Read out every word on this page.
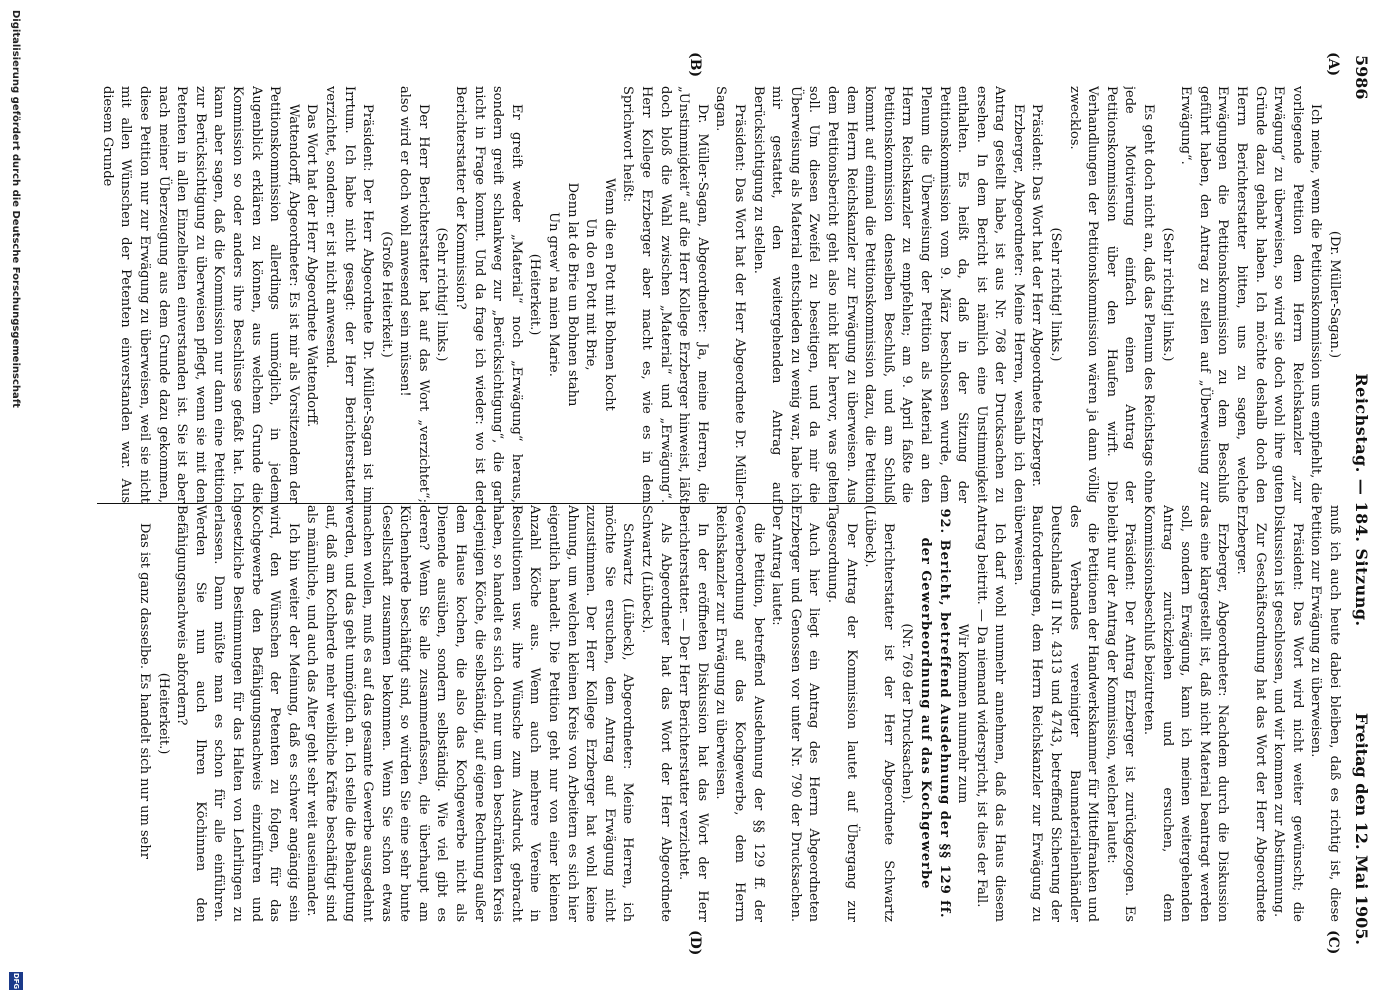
5986
Reichstag. — 184. Sitzung.
Freitag den 12. Mai 1905.
(A)
(B)
(C)
(D)

(Dr. Müller-Sagan.)

Ich meine, wenn die Petitionskommission uns empfiehlt, die vorliegende Petition dem Herrn Reichskanzler „zur Erwägung“ zu überweisen, so wird sie doch wohl ihre guten Gründe dazu gehabt haben. Ich möchte deshalb doch den Herrn Berichterstatter bitten, uns zu sagen, welche Erwägungen die Petitionskommission zu dem Beschluß geführt haben, den Antrag zu stellen auf „Überweisung zur Erwägung“.

(Sehr richtig! links.)

Es geht doch nicht an, daß das Plenum des Reichstags ohne jede Motivierung einfach einen Antrag der Petitionskommission über den Haufen wirft. Die Verhandlungen der Petitionskommission wären ja dann völlig zwecklos.

(Sehr richtig! links.)

Präsident: Das Wort hat der Herr Abgeordnete Erzberger.

Erzberger, Abgeordneter: Meine Herren, weshalb ich den Antrag gestellt habe, ist aus Nr. 768 der Drucksachen zu ersehen. In dem Bericht ist nämlich eine Unstimmigkeit enthalten. Es heißt da, daß in der Sitzung der Petitionskommission vom 9. März beschlossen wurde, dem Plenum die Überweisung der Petition als Material an den Herrn Reichskanzler zu empfehlen; am 9. April faßte die Petitionskommission denselben Beschluß, und am Schluß kommt auf einmal die Petitionskommission dazu, die Petition dem Herrn Reichskanzler zur Erwägung zu überweisen. Aus dem Petitionsbericht geht also nicht klar hervor, was gelten soll. Um diesen Zweifel zu beseitigen, und da mir die Überweisung als Material entschieden zu wenig war, habe ich mir gestattet, den weitergehenden Antrag auf Berücksichtigung zu stellen.

Präsident: Das Wort hat der Herr Abgeordnete Dr. Müller-Sagan.

Dr. Müller-Sagan, Abgeordneter: Ja, meine Herren, die „Unstimmigkeit“ auf die Herr Kollege Erzberger hinweist, läßt doch bloß die Wahl zwischen „Material“ und „Erwägung“. Herr Kollege Erzberger aber macht es, wie es in dem Sprichwort heißt:

Wenn die en Pott mit Bohnen kocht

Un do en Pott mit Brie,

Denn lat de Brie un Bohnen stahn

Un grew' na mien Marie.

(Heiterkeit.)

Er greift weder „Material“ noch „Erwägung“ heraus, sondern greift schlankweg zur „Berücksichtigung“, die gar nicht in Frage kommt. Und da frage ich wieder: wo ist der Berichterstatter der Kommission?

(Sehr richtig! links.)

Der Herr Berichterstatter hat auf das Wort „verzichtet“; also wird er doch wohl anwesend sein müssen!

(Große Heiterkeit.)

Präsident: Der Herr Abgeordnete Dr. Müller-Sagan ist im Irrtum. Ich habe nicht gesagt: der Herr Berichterstatter verzichtet, sondern: er ist nicht anwesend.

Das Wort hat der Herr Abgeordnete Wattendorff.

Wattendorff, Abgeordneter: Es ist mir als Vorsitzendem der Petitionskommission allerdings unmöglich, in jedem Augenblick erklären zu können, aus welchem Grunde die Kommission so oder anders ihre Beschlüsse gefaßt hat. Ich kann aber sagen, daß die Kommission nur dann eine Petition zur Berücksichtigung zu überweisen pflegt, wenn sie mit den Petenten in allen Einzelheiten einverstanden ist. Sie ist aber nach meiner Überzeugung aus dem Grunde dazu gekommen, diese Petition nur zur Erwägung zu überweisen, weil sie nicht mit allen Wünschen der Petenten einverstanden war. Aus diesem Grunde

muß ich auch heute dabei bleiben, daß es richtig ist, diese Petition zur Erwägung zu überweisen.

Präsident: Das Wort wird nicht weiter gewünscht; die Diskussion ist geschlossen, und wir kommen zur Abstimmung.

Zur Geschäftsordnung hat das Wort der Herr Abgeordnete Erzberger.

Erzberger, Abgeordneter: Nachdem durch die Diskussion das eine klargestellt ist, daß nicht Material beantragt werden soll, sondern Erwägung, kann ich meinen weitergehenden Antrag zurückziehen und ersuchen, dem Kommissionsbeschluß beizutreten.

Präsident: Der Antrag Erzberger ist zurückgezogen. Es bleibt nur der Antrag der Kommission, welcher lautet:

die Petitionen der Handwerkskammer für Mittelfranken und des Verbandes vereinigter Baumaterialienhändler Deutschlands II Nr. 4313 und 4743, betreffend Sicherung der Bauforderungen, dem Herrn Reichskanzler zur Erwägung zu überweisen.

Ich darf wohl nunmehr annehmen, daß das Haus diesem Antrag beitritt. — Da niemand widerspricht, ist dies der Fall.

Wir kommen nunmehr zum

92. Bericht, betreffend Ausdehnung der §§ 129 ff. der Gewerbeordnung auf das Kochgewerbe

(Nr. 769 der Drucksachen).

Berichterstatter ist der Herr Abgeordnete Schwartz (Lübeck).

Der Antrag der Kommission lautet auf Übergang zur Tagesordnung.

Auch hier liegt ein Antrag des Herrn Abgeordneten Erzberger und Genossen vor unter Nr. 790 der Drucksachen. Der Antrag lautet:

die Petition, betreffend Ausdehnung der §§ 129 ff. der Gewerbeordnung auf das Kochgewerbe, dem Herrn Reichskanzler zur Erwägung zu überweisen.

In der eröffneten Diskussion hat das Wort der Herr Berichterstatter. — Der Herr Berichterstatter verzichtet.

Als Abgeordneter hat das Wort der Herr Abgeordnete Schwartz (Lübeck).

Schwartz (Lübeck), Abgeordneter: Meine Herren, ich möchte Sie ersuchen, dem Antrag auf Erwägung nicht zuzustimmen. Der Herr Kollege Erzberger hat wohl keine Ahnung, um welchen kleinen Kreis von Arbeitern es sich hier eigentlich handelt. Die Petition geht nur von einer kleinen Anzahl Köche aus. Wenn auch mehrere Vereine in Resolutionen usw. ihre Wünsche zum Ausdruck gebracht haben, so handelt es sich doch nur um den beschränkten Kreis derjenigen Köche, die selbständig, auf eigene Rechnung außer dem Hause kochen, die also das Kochgewerbe nicht als Dienende ausüben, sondern selbständig. Wie viel gibt es deren? Wenn Sie alle zusammenfassen, die überhaupt am Küchenherde beschäftigt sind, so würden Sie eine sehr bunte Gesellschaft zusammen bekommen. Wenn Sie schon etwas machen wollen, muß es auf das gesamte Gewerbe ausgedehnt werden, und das geht unmöglich an. Ich stelle die Behauptung auf, daß am Kochherde mehr weibliche Kräfte beschäftigt sind als männliche, und auch das Alter geht sehr weit auseinander.

Ich bin weiter der Meinung, daß es schwer angängig sein wird, den Wünschen der Petenten zu folgen, für das Kochgewerbe den Befähigungsnachweis einzuführen und gesetzliche Bestimmungen für das Halten von Lehrlingen zu erlassen. Dann müßte man es schon für alle einführen. Werden Sie nun auch Ihren Köchinnen den Befähigungsnachweis abfordern?

(Heiterkeit.)

Das ist ganz dasselbe. Es handelt sich nur um sehr

Digitalisierung gefördert durch die Deutsche Forschungsgemeinschaft
DFG
